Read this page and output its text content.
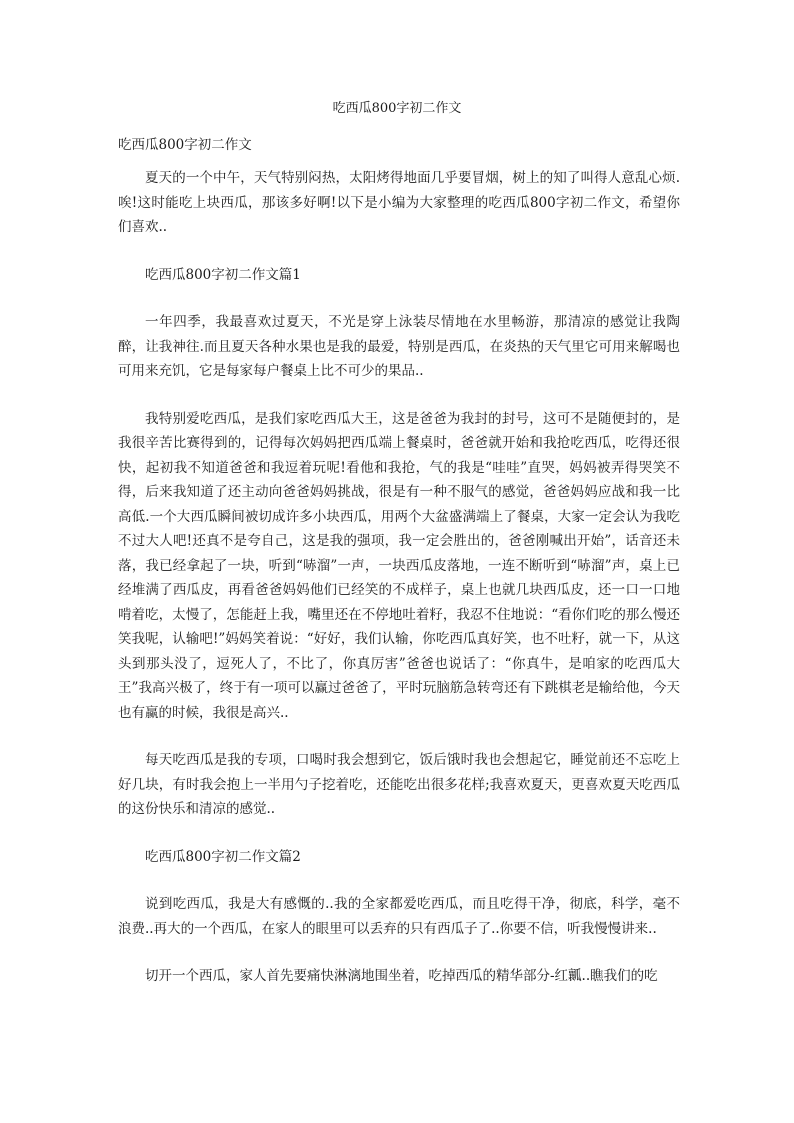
吃西瓜800字初二作文
吃西瓜800字初二作文

夏天的一个中午，天气特别闷热，太阳烤得地面几乎要冒烟，树上的知了叫得人意乱心烦.唉!这时能吃上块西瓜，那该多好啊!以下是小编为大家整理的吃西瓜800字初二作文，希望你们喜欢..

吃西瓜800字初二作文篇1

一年四季，我最喜欢过夏天，不光是穿上泳装尽情地在水里畅游，那清凉的感觉让我陶醉，让我神往.而且夏天各种水果也是我的最爱，特别是西瓜，在炎热的天气里它可用来解喝也可用来充饥，它是每家每户餐桌上比不可少的果品..

我特别爱吃西瓜，是我们家吃西瓜大王，这是爸爸为我封的封号，这可不是随便封的，是我很辛苦比赛得到的，记得每次妈妈把西瓜端上餐桌时，爸爸就开始和我抢吃西瓜，吃得还很快，起初我不知道爸爸和我逗着玩呢!看他和我抢，气的我是“哇哇”直哭，妈妈被弄得哭笑不得，后来我知道了还主动向爸爸妈妈挑战，很是有一种不服气的感觉，爸爸妈妈应战和我一比高低.一个大西瓜瞬间被切成许多小块西瓜，用两个大盆盛满端上了餐桌，大家一定会认为我吃不过大人吧!还真不是夸自己，这是我的强项，我一定会胜出的，爸爸刚喊出开始”，话音还未落，我已经拿起了一块，听到“哧溜”一声，一块西瓜皮落地，一连不断听到“哧溜”声，桌上已经堆满了西瓜皮，再看爸爸妈妈他们已经笑的不成样子，桌上也就几块西瓜皮，还一口一口地啃着吃，太慢了，怎能赶上我，嘴里还在不停地吐着籽，我忍不住地说：“看你们吃的那么慢还笑我呢，认输吧!”妈妈笑着说：“好好，我们认输，你吃西瓜真好笑，也不吐籽，就一下，从这头到那头没了，逗死人了，不比了，你真厉害”爸爸也说话了：“你真牛，是咱家的吃西瓜大王”我高兴极了，终于有一项可以赢过爸爸了，平时玩脑筋急转弯还有下跳棋老是输给他，今天也有赢的时候，我很是高兴..

每天吃西瓜是我的专项，口喝时我会想到它，饭后饿时我也会想起它，睡觉前还不忘吃上好几块，有时我会抱上一半用勺子挖着吃，还能吃出很多花样;我喜欢夏天，更喜欢夏天吃西瓜的这份快乐和清凉的感觉..

吃西瓜800字初二作文篇2

说到吃西瓜，我是大有感慨的..我的全家都爱吃西瓜，而且吃得干净，彻底，科学，毫不浪费..再大的一个西瓜，在家人的眼里可以丢弃的只有西瓜子了..你要不信，听我慢慢讲来..

切开一个西瓜，家人首先要痛快淋漓地围坐着，吃掉西瓜的精华部分-红瓤..瞧我们的吃
